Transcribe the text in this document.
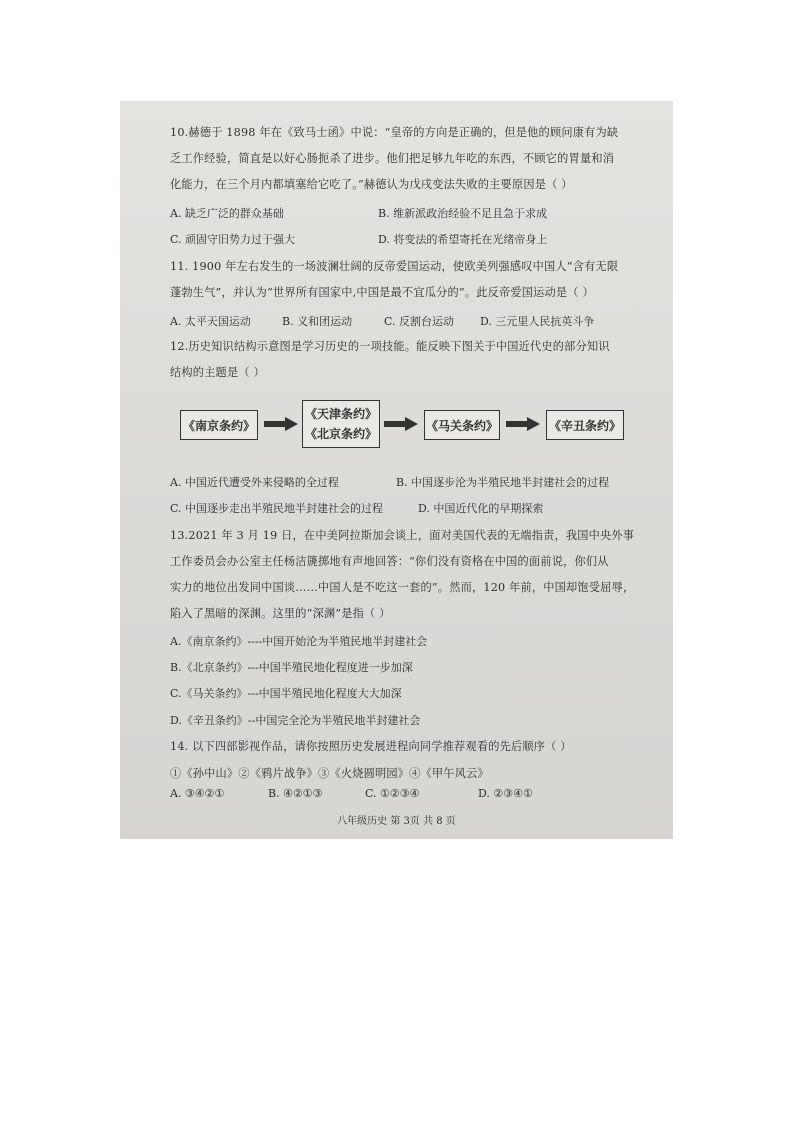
10.赫德于 1898 年在《致马士函》中说：“皇帝的方向是正确的，但是他的顾问康有为缺
乏工作经验，简直是以好心肠扼杀了进步。他们把足够九年吃的东西，不顾它的胃量和消
化能力，在三个月内都填塞给它吃了。”赫德认为戊戌变法失败的主要原因是（ ）
A. 缺乏广泛的群众基础	B. 维新派政治经验不足且急于求成
C. 顽固守旧势力过于强大	D. 将变法的希望寄托在光绪帝身上
11. 1900 年左右发生的一场波澜壮阔的反帝爱国运动，使欧美列强感叹中国人“含有无限
蓬勃生气”，并认为“世界所有国家中,中国是最不宜瓜分的”。此反帝爱国运动是（ ）
A. 太平天国运动	B. 义和团运动	C. 反割台运动 D. 三元里人民抗英斗争
12.历史知识结构示意图是学习历史的一项技能。能反映下图关于中国近代史的部分知识
结构的主题是（ ）
《南京条约》
《天津条约》
《北京条约》
《马关条约》	《辛丑条约》
A. 中国近代遭受外来侵略的全过程	B. 中国逐步沦为半殖民地半封建社会的过程
C. 中国逐步走出半殖民地半封建社会的过程	D. 中国近代化的早期探索
13.2021 年 3 月 19 日，在中美阿拉斯加会谈上，面对美国代表的无端指责，我国中央外事
工作委员会办公室主任杨洁篪掷地有声地回答：“你们没有资格在中国的面前说，你们从
实力的地位出发同中国谈……中国人是不吃这一套的”。然而，120 年前，中国却饱受屈辱，
陷入了黑暗的深渊。这里的“深渊”是指（ ）
A.《南京条约》----中国开始沦为半殖民地半封建社会
B.《北京条约》---中国半殖民地化程度进一步加深
C.《马关条约》---中国半殖民地化程度大大加深
D.《辛丑条约》--中国完全沦为半殖民地半封建社会
14. 以下四部影视作品，请你按照历史发展进程向同学推荐观看的先后顺序（ ）
①《孙中山》②《鸦片战争》③《火烧圆明园》④《甲午风云》
A. ③④②①	B. ④②①③	C. ①②③④	D. ②③④①
八年级历史 第 3页 共 8 页
